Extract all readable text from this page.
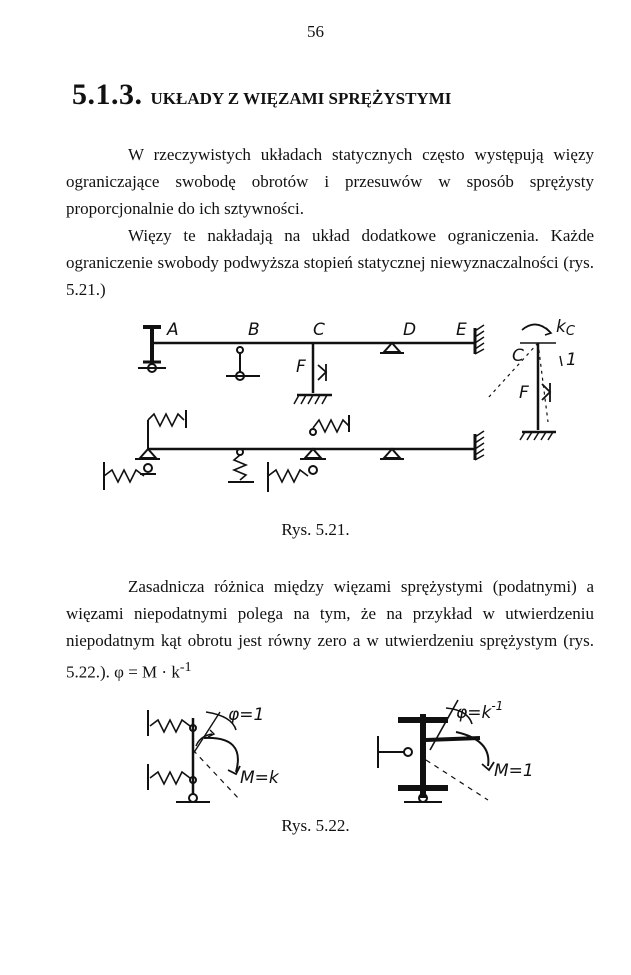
56
5.1.3. UKŁADY Z WIĘZAMI SPRĘŻYSTYMI

W rzeczywistych układach statycznych często występują więzy ograniczające swobodę obrotów i przesuwów w sposób sprężysty proporcjonalnie do ich sztywności.

Więzy te nakładają na układ dodatkowe ograniczenia. Każde ograniczenie swobody podwyższa stopień statycznej niewyznaczalności (rys. 5.21.)

A	B	C	D E
F
F
C
kC
1
Rys. 5.21.

Zasadnicza różnica między więzami sprężystymi (podatnymi) a więzami niepodatnymi polega na tym, że na przykład w utwierdzeniu niepodatnym kąt obrotu jest równy zero a w utwierdzeniu sprężystym (rys. 5.22.). $\varphi = M \cdot k^{-1}$

φ=1
M=k
$\varphi=k^{-1}$
M=1
Rys. 5.22.
